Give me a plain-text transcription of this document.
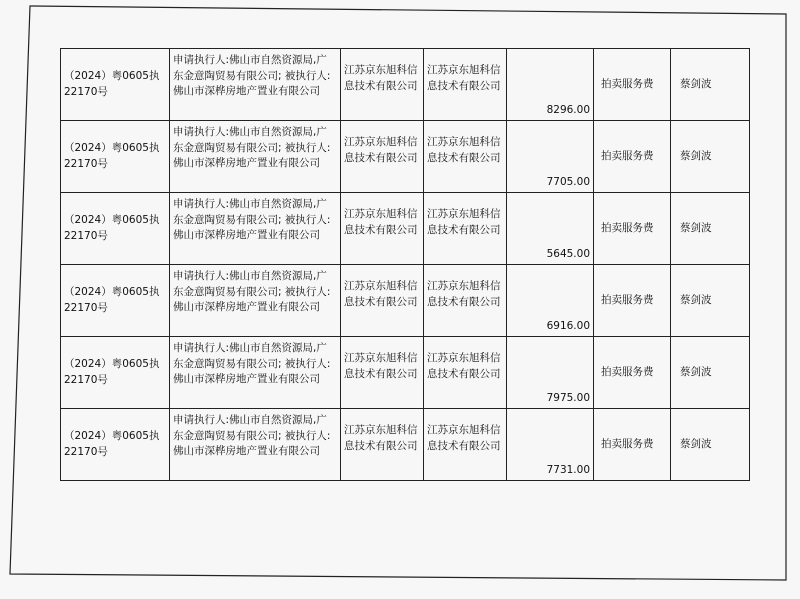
（2024）粤0605执22170号	申请执行人:佛山市自然资源局,广东金意陶贸易有限公司; 被执行人:佛山市深桦房地产置业有限公司	江苏京东旭科信息技术有限公司	江苏京东旭科信息技术有限公司	8296.00	拍卖服务费	蔡剑波

（2024）粤0605执22170号	申请执行人:佛山市自然资源局,广东金意陶贸易有限公司; 被执行人:佛山市深桦房地产置业有限公司	江苏京东旭科信息技术有限公司	江苏京东旭科信息技术有限公司	7705.00	拍卖服务费	蔡剑波

（2024）粤0605执22170号	申请执行人:佛山市自然资源局,广东金意陶贸易有限公司; 被执行人:佛山市深桦房地产置业有限公司	江苏京东旭科信息技术有限公司	江苏京东旭科信息技术有限公司	5645.00	拍卖服务费	蔡剑波

（2024）粤0605执22170号	申请执行人:佛山市自然资源局,广东金意陶贸易有限公司; 被执行人:佛山市深桦房地产置业有限公司	江苏京东旭科信息技术有限公司	江苏京东旭科信息技术有限公司	6916.00	拍卖服务费	蔡剑波

（2024）粤0605执22170号	申请执行人:佛山市自然资源局,广东金意陶贸易有限公司; 被执行人:佛山市深桦房地产置业有限公司	江苏京东旭科信息技术有限公司	江苏京东旭科信息技术有限公司	7975.00	拍卖服务费	蔡剑波

（2024）粤0605执22170号	申请执行人:佛山市自然资源局,广东金意陶贸易有限公司; 被执行人:佛山市深桦房地产置业有限公司	江苏京东旭科信息技术有限公司	江苏京东旭科信息技术有限公司	7731.00	拍卖服务费	蔡剑波
